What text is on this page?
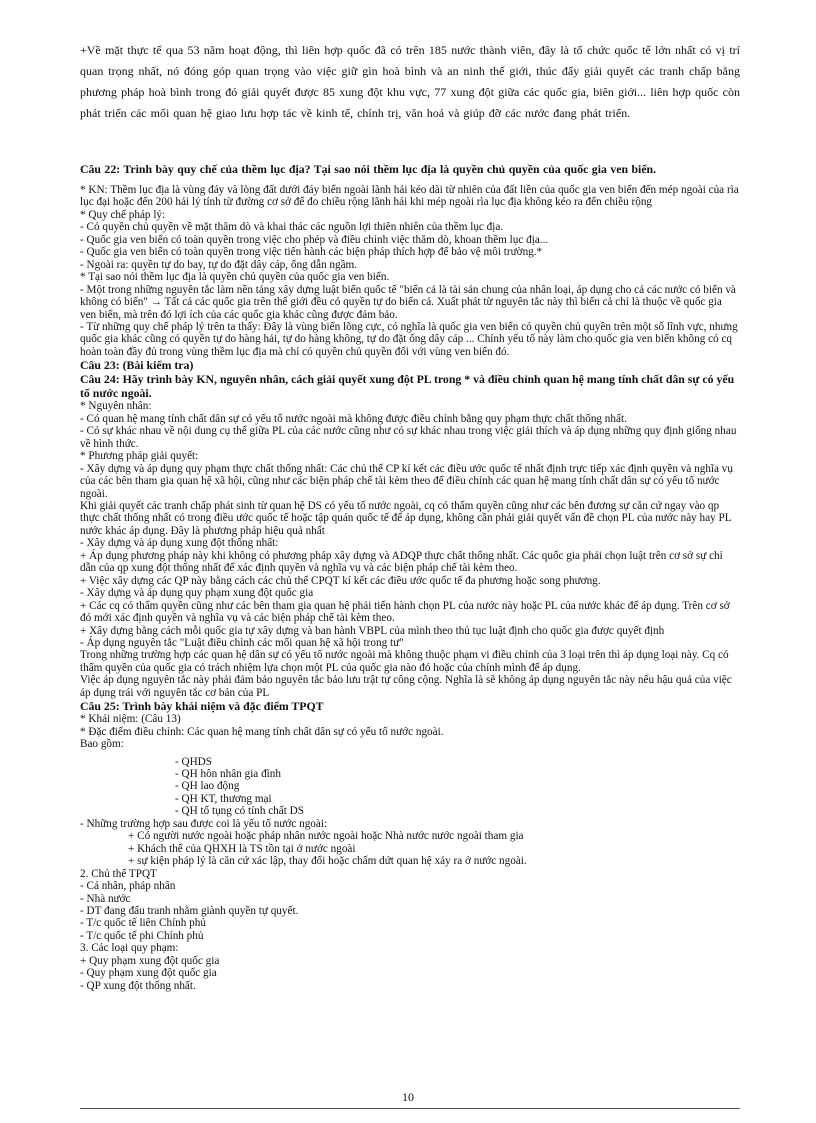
+Về mặt thực tế qua 53 năm hoạt động, thì liên hợp quốc đã có trên 185 nước thành viên, đây là tổ chức quốc tế lớn nhất có vị trí quan trọng nhất, nó đóng góp quan trọng vào việc giữ gìn hoà bình và an ninh thế giới, thúc đẩy giải quyết các tranh chấp bằng phương pháp hoà bình trong đó giải quyết được 85 xung đột khu vực, 77 xung đột giữa các quốc gia, biên giới... liên hợp quốc còn phát triển các mối quan hệ giao lưu hợp tác về kinh tế, chính trị, văn hoá và giúp đỡ các nước đang phát triển.

Câu 22: Trình bày quy chế của thềm lục địa? Tại sao nói thềm lục địa là quyền chủ quyền của quốc gia ven biển.

* KN: Thềm lục địa là vùng đáy và lòng đất dưới đáy biển ngoài lãnh hải kéo dài từ nhiên của đất liền của quốc gia ven biển đến mép ngoài của rìa lục đại hoặc đến 200 hải lý tính từ đường cơ sở để đo chiều rộng lãnh hải khi mép ngoài rìa lục địa không kéo ra đến chiều rộng

* Quy chế pháp lý:

- Có quyền chủ quyền về mặt thăm dò và khai thác các nguồn lợi thiên nhiên của thềm lục địa.

- Quốc gia ven biển có toàn quyền trong việc cho phép và điều chỉnh việc thăm dò, khoan thềm lục địa...

- Quốc gia ven biển có toàn quyền trong việc tiến hành các biện pháp thích hợp để bảo vệ môi trường.*

- Ngoài ra: quyền tự do bay, tự do đặt dây cáp, ống dẫn ngầm.

* Tại sao nói thềm lục địa là quyền chủ quyền của quốc gia ven biển.

- Một trong những nguyên tắc làm nền tảng xây dựng luật biển quốc tế "biển cả là tài sản chung của nhân loại, áp dụng cho cả các nước có biển và không có biển" → Tất cả các quốc gia trên thế giới đều có quyền tự do biển cả. Xuất phát từ nguyên tắc này thì biển cả chỉ là thuộc về quốc gia ven biển, mà trên đó lợi ích của các quốc gia khác cũng được đảm bảo.

- Từ những quy chế pháp lý trên ta thấy: Đây là vùng biển lõng cực, có nghĩa là quốc gia ven biển có quyền chủ quyền trên một số lĩnh vực, nhưng quốc gia khác cũng có quyền tự do hàng hải, tự do hàng không, tự do đặt ống dây cáp ... Chính yếu tố này làm cho quốc gia ven biển không có cq hoàn toàn đầy đủ trong vùng thềm lục địa mà chỉ có quyền chủ quyền đối với vùng ven biển đó.

Câu 23: (Bài kiểm tra)

Câu 24: Hãy trình bày KN, nguyên nhân, cách giải quyết xung đột PL trong * và điều chỉnh quan hệ mang tính chất dân sự có yếu tố nước ngoài.

* Nguyên nhân:

- Có quan hệ mang tính chất dân sự có yếu tố nước ngoài mà không được điều chỉnh bằng quy phạm thực chất thống nhất.

- Có sự khác nhau về nội dung cụ thể giữa PL của các nước cũng như có sự khác nhau trong việc giải thích và áp dụng những quy định giống nhau về hình thức.

* Phương pháp giải quyết:

- Xây dựng và áp dụng quy phạm thực chất thống nhất: Các chủ thể CP kí kết các điều ước quốc tế nhất định trực tiếp xác định quyền và nghĩa vụ của các bên tham gia quan hệ xã hội, cũng như các biện pháp chế tài kèm theo để điều chỉnh các quan hệ mang tính chất dân sự có yếu tố nước ngoài.

Khi giải quyết các tranh chấp phát sinh từ quan hệ DS có yếu tố nước ngoài, cq có thẩm quyền cũng như các bên đương sự căn cứ ngay vào qp thực chất thống nhất có trong điều ước quốc tế hoặc tập quán quốc tế để áp dụng, không cần phải giải quyết vấn đề chọn PL của nước này hay PL nước khác áp dụng. Đây là phương pháp hiệu quả nhất

- Xây dựng và áp dụng xung đột thống nhất:

+ Áp dụng phương pháp này khi không có phương pháp xây dựng và ADQP thực chất thống nhất. Các quốc gia phải chọn luật trên cơ sở sự chỉ dẫn của qp xung đột thống nhất để xác định quyền và nghĩa vụ và các biện pháp chế tài kèm theo.

+ Việc xây dựng các QP này bằng cách các chủ thể CPQT kí kết các điều ước quốc tế đa phương hoặc song phương.

- Xây dựng và áp dụng quy phạm xung đột quốc gia

+ Các cq có thẩm quyền cũng như các bên tham gia quan hệ phải tiến hành chọn PL của nước này hoặc PL của nước khác để áp dụng. Trên cơ sở đó mới xác định quyền và nghĩa vụ và các biện pháp chế tài kèm theo.

+ Xây dựng bằng cách mỗi quốc gia tự xây dựng và ban hành VBPL của mình theo thủ tục luật định cho quốc gia được quyết định

- Áp dụng nguyên tắc "Luật điều chỉnh các mối quan hệ xã hội trong tư"

Trong những trường hợp các quan hệ dân sự có yếu tố nước ngoài mà không thuộc phạm vi điều chỉnh của 3 loại trên thì áp dụng loại này. Cq có thẩm quyền của quốc gia có trách nhiệm lựa chọn một PL của quốc gia nào đó hoặc của chính mình để áp dụng.

Việc áp dụng nguyên tắc này phải đảm bảo nguyên tắc bảo lưu trật tự công cộng. Nghĩa là sẽ không áp dụng nguyên tắc này nếu hậu quả của việc áp dụng trái với nguyên tắc cơ bản của PL

Câu 25: Trình bày khái niệm và đặc điểm TPQT

* Khái niệm: (Câu 13)

* Đặc điểm điều chỉnh: Các quan hệ mang tính chất dân sự có yếu tố nước ngoài.

Bao gồm:

- QHDS

- QH hôn nhân gia đình

- QH lao động

- QH KT, thương mại

- QH tố tụng có tính chất DS

- Những trường hợp sau được coi là yếu tố nước ngoài:

+ Có người nước ngoài hoặc pháp nhân nước ngoài hoặc Nhà nước nước ngoài tham gia

+ Khách thể của QHXH là TS tồn tại ở nước ngoài

+ sự kiện pháp lý là căn cứ xác lập, thay đổi hoặc chấm dứt quan hệ xảy ra ở nước ngoài.

2. Chủ thể TPQT

- Cá nhân, pháp nhân

- Nhà nước

- DT đang đấu tranh nhằm giành quyền tự quyết.

- T/c quốc tế liên Chính phủ

- T/c quốc tế phi Chính phủ

3. Các loại quy phạm:

+ Quy phạm xung đột quốc gia

- Quy phạm xung đột quốc gia

- QP xung đột thống nhất.

10
